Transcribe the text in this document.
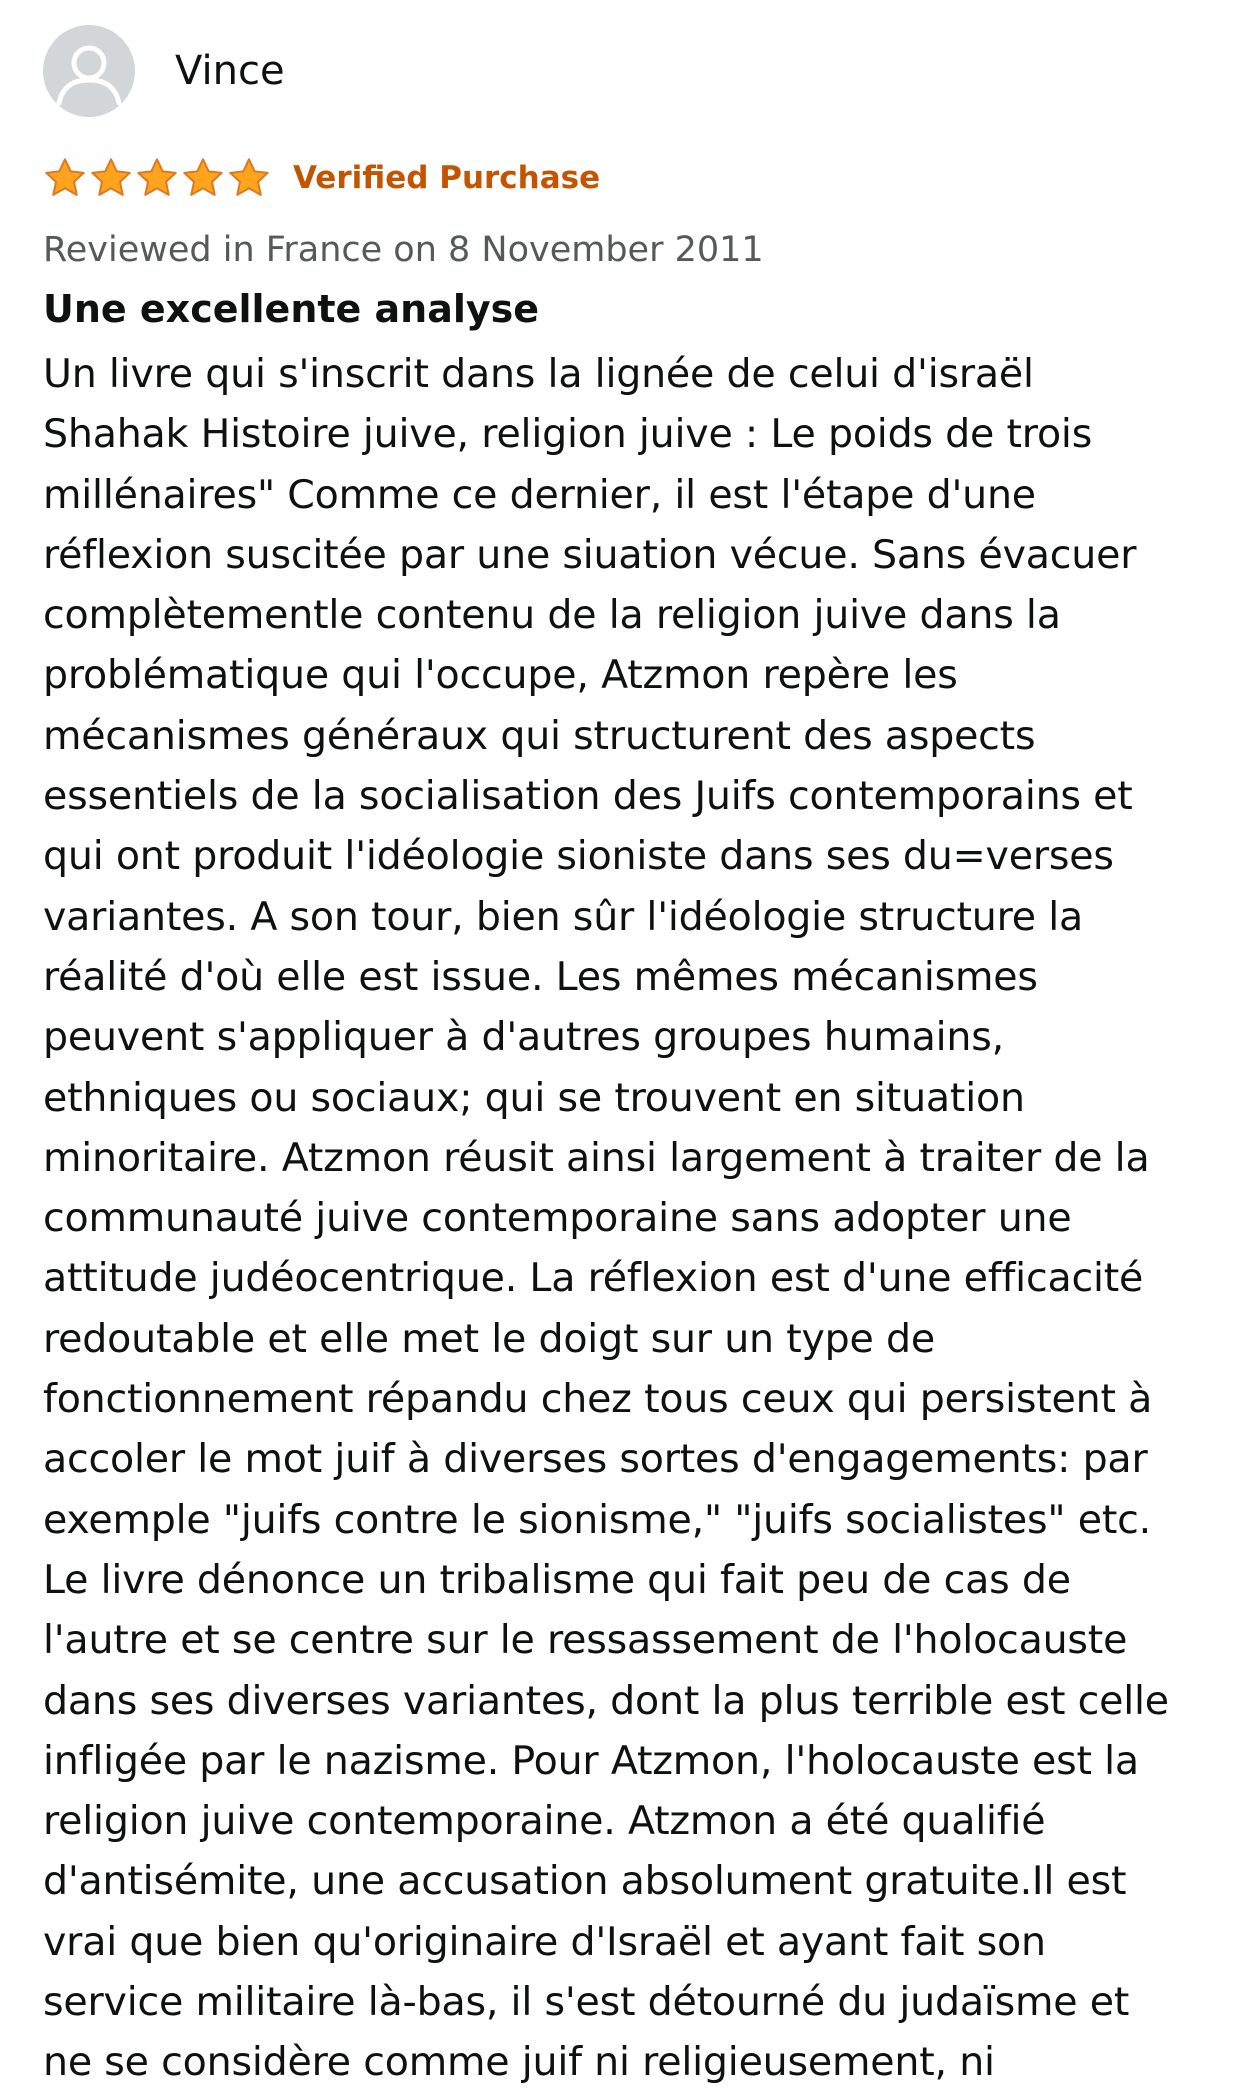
Vince
Verified Purchase
Reviewed in France on 8 November 2011
Une excellente analyse
Un livre qui s'inscrit dans la lignée de celui d'israël
Shahak Histoire juive, religion juive : Le poids de trois
millénaires" Comme ce dernier, il est l'étape d'une
réflexion suscitée par une siuation vécue. Sans évacuer
complètementle contenu de la religion juive dans la
problématique qui l'occupe, Atzmon repère les
mécanismes généraux qui structurent des aspects
essentiels de la socialisation des Juifs contemporains et
qui ont produit l'idéologie sioniste dans ses du=verses
variantes. A son tour, bien sûr l'idéologie structure la
réalité d'où elle est issue. Les mêmes mécanismes
peuvent s'appliquer à d'autres groupes humains,
ethniques ou sociaux; qui se trouvent en situation
minoritaire. Atzmon réusit ainsi largement à traiter de la
communauté juive contemporaine sans adopter une
attitude judéocentrique. La réflexion est d'une efficacité
redoutable et elle met le doigt sur un type de
fonctionnement répandu chez tous ceux qui persistent à
accoler le mot juif à diverses sortes d'engagements: par
exemple "juifs contre le sionisme," "juifs socialistes" etc.
Le livre dénonce un tribalisme qui fait peu de cas de
l'autre et se centre sur le ressassement de l'holocauste
dans ses diverses variantes, dont la plus terrible est celle
infligée par le nazisme. Pour Atzmon, l'holocauste est la
religion juive contemporaine. Atzmon a été qualifié
d'antisémite, une accusation absolument gratuite.Il est
vrai que bien qu'originaire d'Israël et ayant fait son
service militaire là-bas, il s'est détourné du judaïsme et
ne se considère comme juif ni religieusement, ni
